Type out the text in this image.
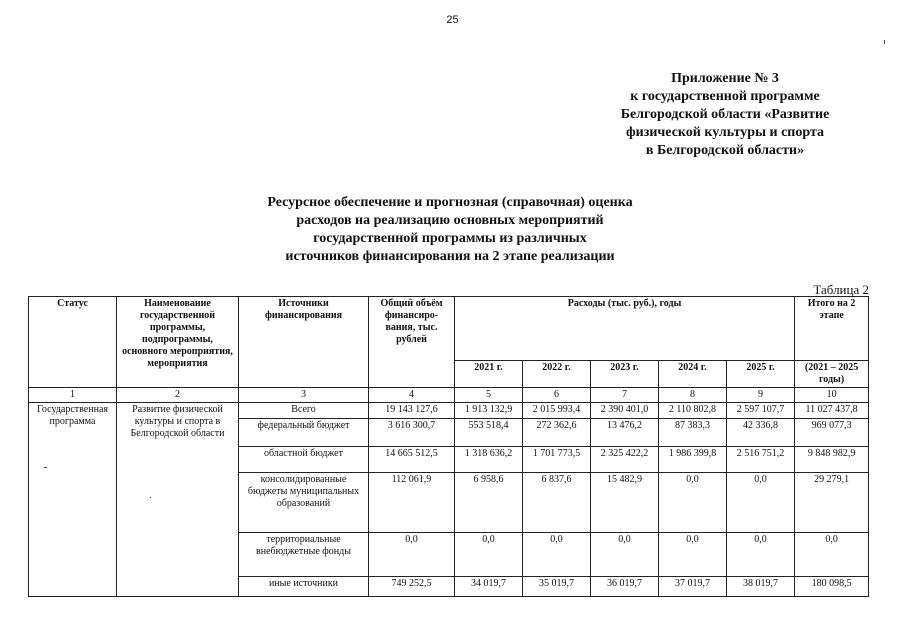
25
Приложение № 3
к государственной программе
Белгородской области «Развитие
физической культуры и спорта
в Белгородской области»
Ресурсное обеспечение и прогнозная (справочная) оценка
расходов на реализацию основных мероприятий
государственной программы из различных
источников финансирования на 2 этапе реализации
Таблица 2
Статус	Наименование государственной программы, подпрограммы, основного мероприятия, мероприятия	Источники финансирования	Общий объём финансиро-вания, тыс. рублей	Расходы (тыс. руб.), годы					Итого на 2 этапе
				2021 г.	2022 г.	2023 г.	2024 г.	2025 г.	(2021 – 2025 годы)
1	2	3	4	5	6	7	8	9	10
Государственная программа	Развитие физической культуры и спорта в Белгородской области	Всего	19 143 127,6	1 913 132,9	2 015 993,4	2 390 401,0	2 110 802,8	2 597 107,7	11 027 437,8
		федеральный бюджет	3 616 300,7	553 518,4	272 362,6	13 476,2	87 383,3	42 336,8	969 077,3
		областной бюджет	14 665 512,5	1 318 636,2	1 701 773,5	2 325 422,2	1 986 399,8	2 516 751,2	9 848 982,9
		консолидированные бюджеты муниципальных образований	112 061,9	6 958,6	6 837,6	15 482,9	0,0	0,0	29 279,1
		территориальные внебюджетные фонды	0,0	0,0	0,0	0,0	0,0	0,0	0,0
		иные источники	749 252,5	34 019,7	35 019,7	36 019,7	37 019,7	38 019,7	180 098,5
